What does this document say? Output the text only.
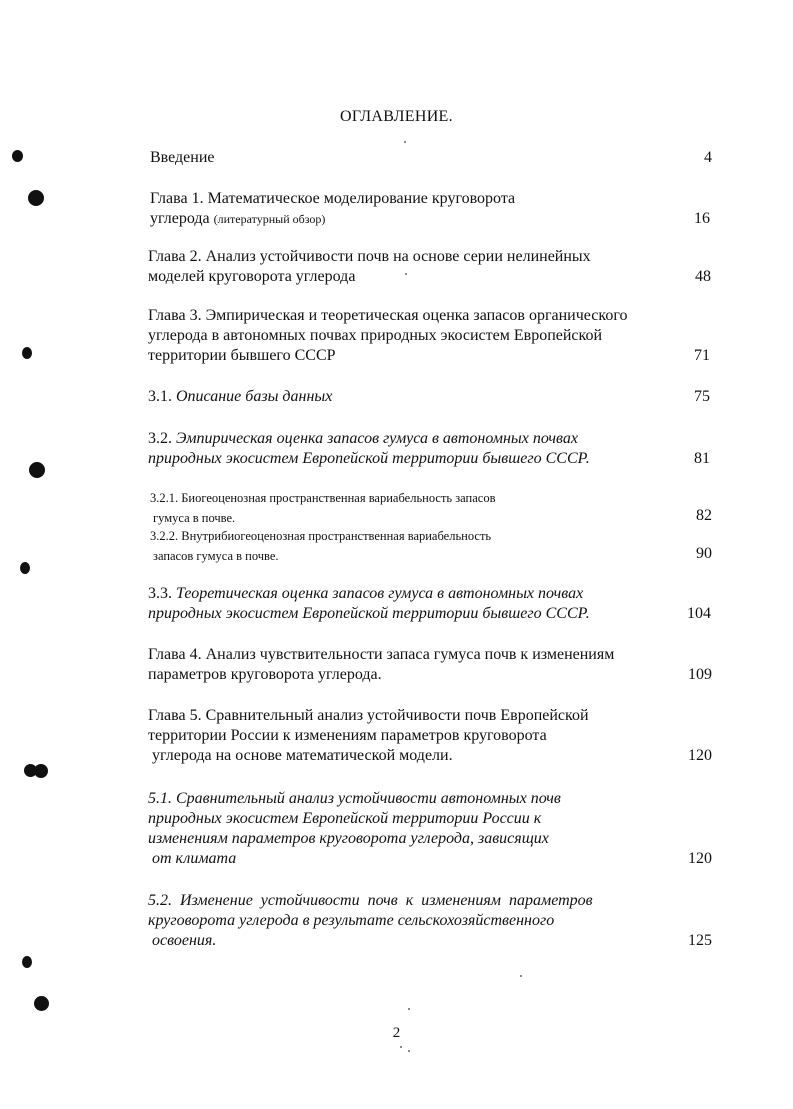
ОГЛАВЛЕНИЕ.
Введение	4
Глава 1. Математическое моделирование круговорота
углерода (литературный обзор)	16
Глава 2. Анализ устойчивости почв на основе серии нелинейных
моделей круговорота углерода	48
Глава 3. Эмпирическая и теоретическая оценка запасов органического
углерода в автономных почвах природных экосистем Европейской
территории бывшего СССР	71
3.1. Описание базы данных	75
3.2. Эмпирическая оценка запасов гумуса в автономных почвах
природных экосистем Европейской территории бывшего СССР.	81
3.2.1. Биогеоценозная пространственная вариабельность запасов
гумуса в почве.	82
3.2.2. Внутрибиогеоценозная пространственная вариабельность
запасов гумуса в почве.	90
3.3. Теоретическая оценка запасов гумуса в автономных почвах
природных экосистем Европейской территории бывшего СССР.	104
Глава 4. Анализ чувствительности запаса гумуса почв к изменениям
параметров круговорота углерода.	109
Глава 5. Сравнительный анализ устойчивости почв Европейской
территории России к изменениям параметров круговорота
углерода на основе математической модели.	120
5.1. Сравнительный анализ устойчивости автономных почв
природных экосистем Европейской территории России к
изменениям параметров круговорота углерода, зависящих
от климата	120
5.2. Изменение устойчивости почв к изменениям параметров
круговорота углерода в результате сельскохозяйственного
освоения.	125
2
